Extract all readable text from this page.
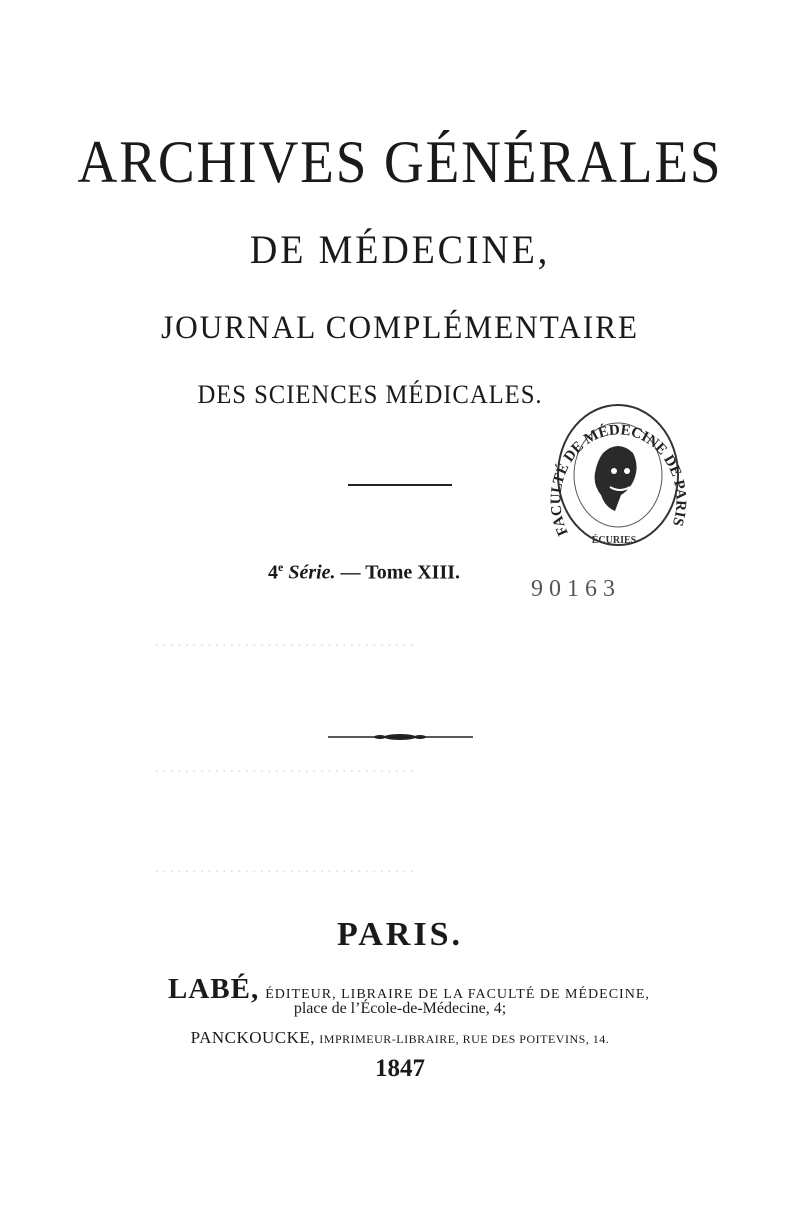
ARCHIVES GÉNÉRALES
DE MÉDECINE,
JOURNAL COMPLÉMENTAIRE
DES SCIENCES MÉDICALES.
FACULTÉ DE MÉDECINE DE PARIS
ÉCURIES
4e Série. — Tome XIII.
90163
. . . . . . . . . . . . . . . . . . . . . . . . . . . . . . . . . . .
. . . . . . . . . . . . . . . . . . . . . . . . . . . . . . . . . . .
. . . . . . . . . . . . . . . . . . . . . . . . . . . . . . . . . . .
PARIS.
LABÉ, ÉDITEUR, LIBRAIRE DE LA FACULTÉ DE MÉDECINE,
place de l’École-de-Médecine, 4;
PANCKOUCKE, IMPRIMEUR-LIBRAIRE, RUE DES POITEVINS, 14.
1847
